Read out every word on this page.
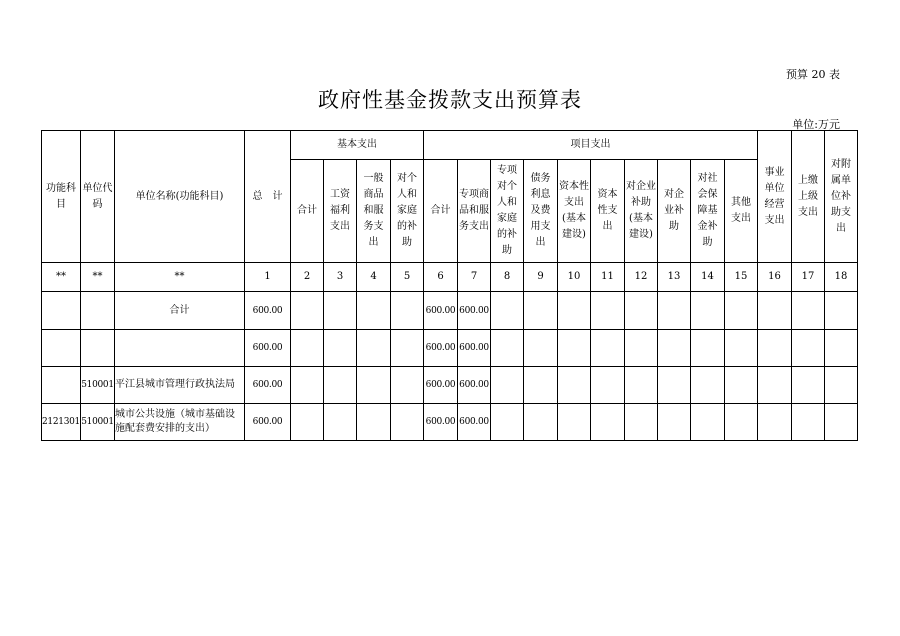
预算 20 表
政府性基金拨款支出预算表
单位:万元
功能科目	单位代码	单位名称(功能科目)	总　计	基本支出				项目支出										事业单位经营支出	上缴上级支出	对附属单位补助支出
				合计	工资福利支出	一般商品和服务支出	对个人和家庭的补助	合计	专项商品和服务支出	专项对个人和家庭的补助	债务利息及费用支出	资本性支出(基本建设)	资本性支出	对企业补助(基本建设)	对企业补助	对社会保障基金补助	其他支出			
**	**	**	1	2	3	4	5	6	7	8	9	10	11	12	13	14	15	16	17	18
		合计	600.00					600.00	600.00											
			600.00					600.00	600.00											
	510001	平江县城市管理行政执法局	600.00					600.00	600.00											
2121301	510001	城市公共设施（城市基础设施配套费安排的支出）	600.00					600.00	600.00											
